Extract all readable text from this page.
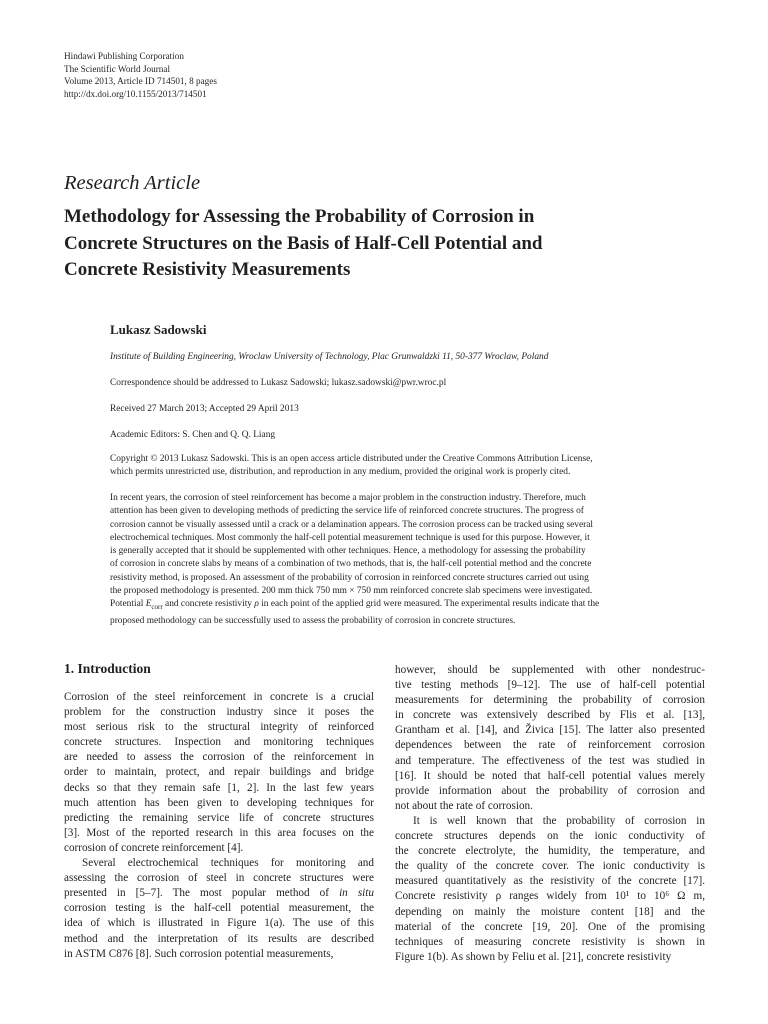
Hindawi Publishing Corporation
The Scientific World Journal
Volume 2013, Article ID 714501, 8 pages
http://dx.doi.org/10.1155/2013/714501
Research Article
Methodology for Assessing the Probability of Corrosion in
Concrete Structures on the Basis of Half-Cell Potential and
Concrete Resistivity Measurements
Lukasz Sadowski
Institute of Building Engineering, Wroclaw University of Technology, Plac Grunwaldzki 11, 50-377 Wroclaw, Poland
Correspondence should be addressed to Lukasz Sadowski; lukasz.sadowski@pwr.wroc.pl
Received 27 March 2013; Accepted 29 April 2013
Academic Editors: S. Chen and Q. Q. Liang
Copyright © 2013 Lukasz Sadowski. This is an open access article distributed under the Creative Commons Attribution License,
which permits unrestricted use, distribution, and reproduction in any medium, provided the original work is properly cited.
In recent years, the corrosion of steel reinforcement has become a major problem in the construction industry. Therefore, much
attention has been given to developing methods of predicting the service life of reinforced concrete structures. The progress of
corrosion cannot be visually assessed until a crack or a delamination appears. The corrosion process can be tracked using several
electrochemical techniques. Most commonly the half-cell potential measurement technique is used for this purpose. However, it
is generally accepted that it should be supplemented with other techniques. Hence, a methodology for assessing the probability
of corrosion in concrete slabs by means of a combination of two methods, that is, the half-cell potential method and the concrete
resistivity method, is proposed. An assessment of the probability of corrosion in reinforced concrete structures carried out using
the proposed methodology is presented. 200 mm thick 750 mm × 750 mm reinforced concrete slab specimens were investigated.
Potential $E_{corr}$ and concrete resistivity ρ in each point of the applied grid were measured. The experimental results indicate that the
proposed methodology can be successfully used to assess the probability of corrosion in concrete structures.
1. Introduction
Corrosion of the steel reinforcement in concrete is a crucial
problem for the construction industry since it poses the
most serious risk to the structural integrity of reinforced
concrete structures. Inspection and monitoring techniques
are needed to assess the corrosion of the reinforcement in
order to maintain, protect, and repair buildings and bridge
decks so that they remain safe [1, 2]. In the last few years
much attention has been given to developing techniques for
predicting the remaining service life of concrete structures
[3]. Most of the reported research in this area focuses on the
corrosion of concrete reinforcement [4].
Several electrochemical techniques for monitoring and
assessing the corrosion of steel in concrete structures were
presented in [5–7]. The most popular method of in situ
corrosion testing is the half-cell potential measurement, the
idea of which is illustrated in Figure 1(a). The use of this
method and the interpretation of its results are described
in ASTM C876 [8]. Such corrosion potential measurements,
however, should be supplemented with other nondestruc-
tive testing methods [9–12]. The use of half-cell potential
measurements for determining the probability of corrosion
in concrete was extensively described by Flis et al. [13],
Grantham et al. [14], and Živica [15]. The latter also presented
dependences between the rate of reinforcement corrosion
and temperature. The effectiveness of the test was studied in
[16]. It should be noted that half-cell potential values merely
provide information about the probability of corrosion and
not about the rate of corrosion.
It is well known that the probability of corrosion in
concrete structures depends on the ionic conductivity of
the concrete electrolyte, the humidity, the temperature, and
the quality of the concrete cover. The ionic conductivity is
measured quantitatively as the resistivity of the concrete [17].
Concrete resistivity ρ ranges widely from 10¹ to 10⁶ Ω m,
depending on mainly the moisture content [18] and the
material of the concrete [19, 20]. One of the promising
techniques of measuring concrete resistivity is shown in
Figure 1(b). As shown by Feliu et al. [21], concrete resistivity
